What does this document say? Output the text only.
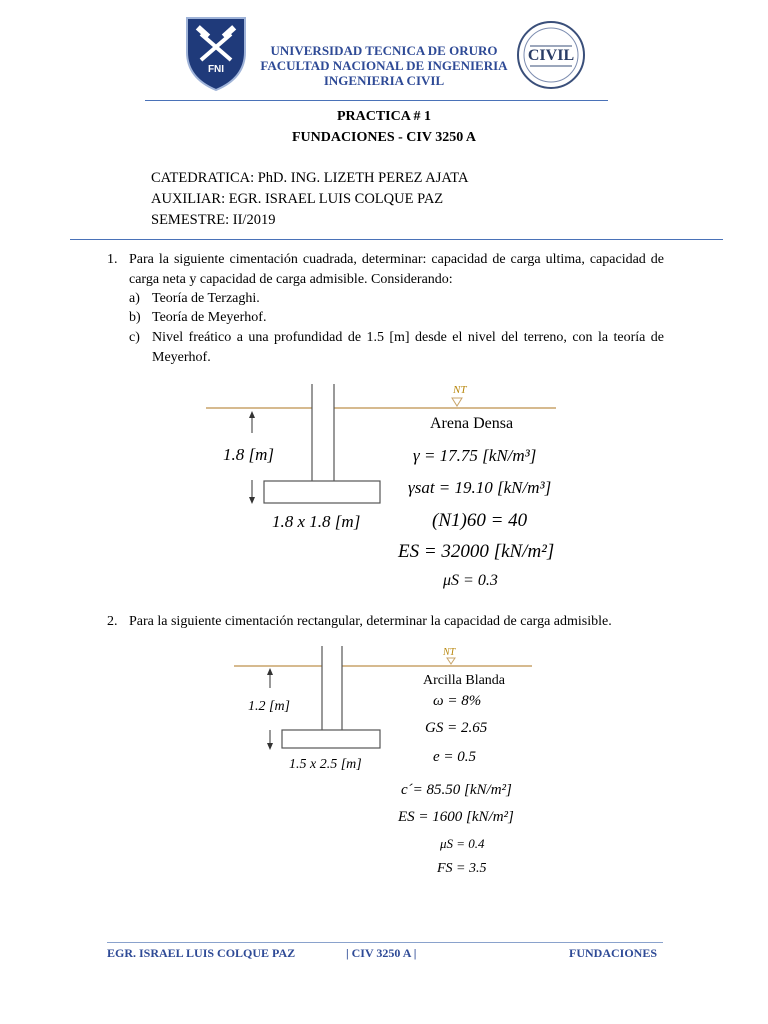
FNI
UNIVERSIDAD TECNICA DE ORURO
FACULTAD NACIONAL DE INGENIERIA
INGENIERIA CIVIL
CIVIL
PRACTICA # 1
FUNDACIONES - CIV 3250 A
CATEDRATICA: PhD. ING. LIZETH PEREZ AJATA
AUXILIAR: EGR. ISRAEL LUIS COLQUE PAZ
SEMESTRE: II/2019
1. Para la siguiente cimentación cuadrada, determinar: capacidad de carga ultima, capacidad de carga neta y capacidad de carga admisible. Considerando:
a) Teoría de Terzaghi.
b) Teoría de Meyerhof.
c) Nivel freático a una profundidad de 1.5 [m] desde el nivel del terreno, con la teoría de Meyerhof.
NT
Arena Densa
1.8 [m]
1.8 x 1.8 [m]
γ = 17.75 [kN/m³]
γsat = 19.10 [kN/m³]
(N1)60 = 40
ES = 32000 [kN/m²]
μS = 0.3
2. Para la siguiente cimentación rectangular, determinar la capacidad de carga admisible.
NT
Arcilla Blanda
1.2 [m]
1.5 x 2.5 [m]
ω = 8%
GS = 2.65
e = 0.5
c´= 85.50 [kN/m²]
ES = 1600 [kN/m²]
μS = 0.4
FS = 3.5
EGR. ISRAEL LUIS COLQUE PAZ	| CIV 3250 A |	FUNDACIONES
